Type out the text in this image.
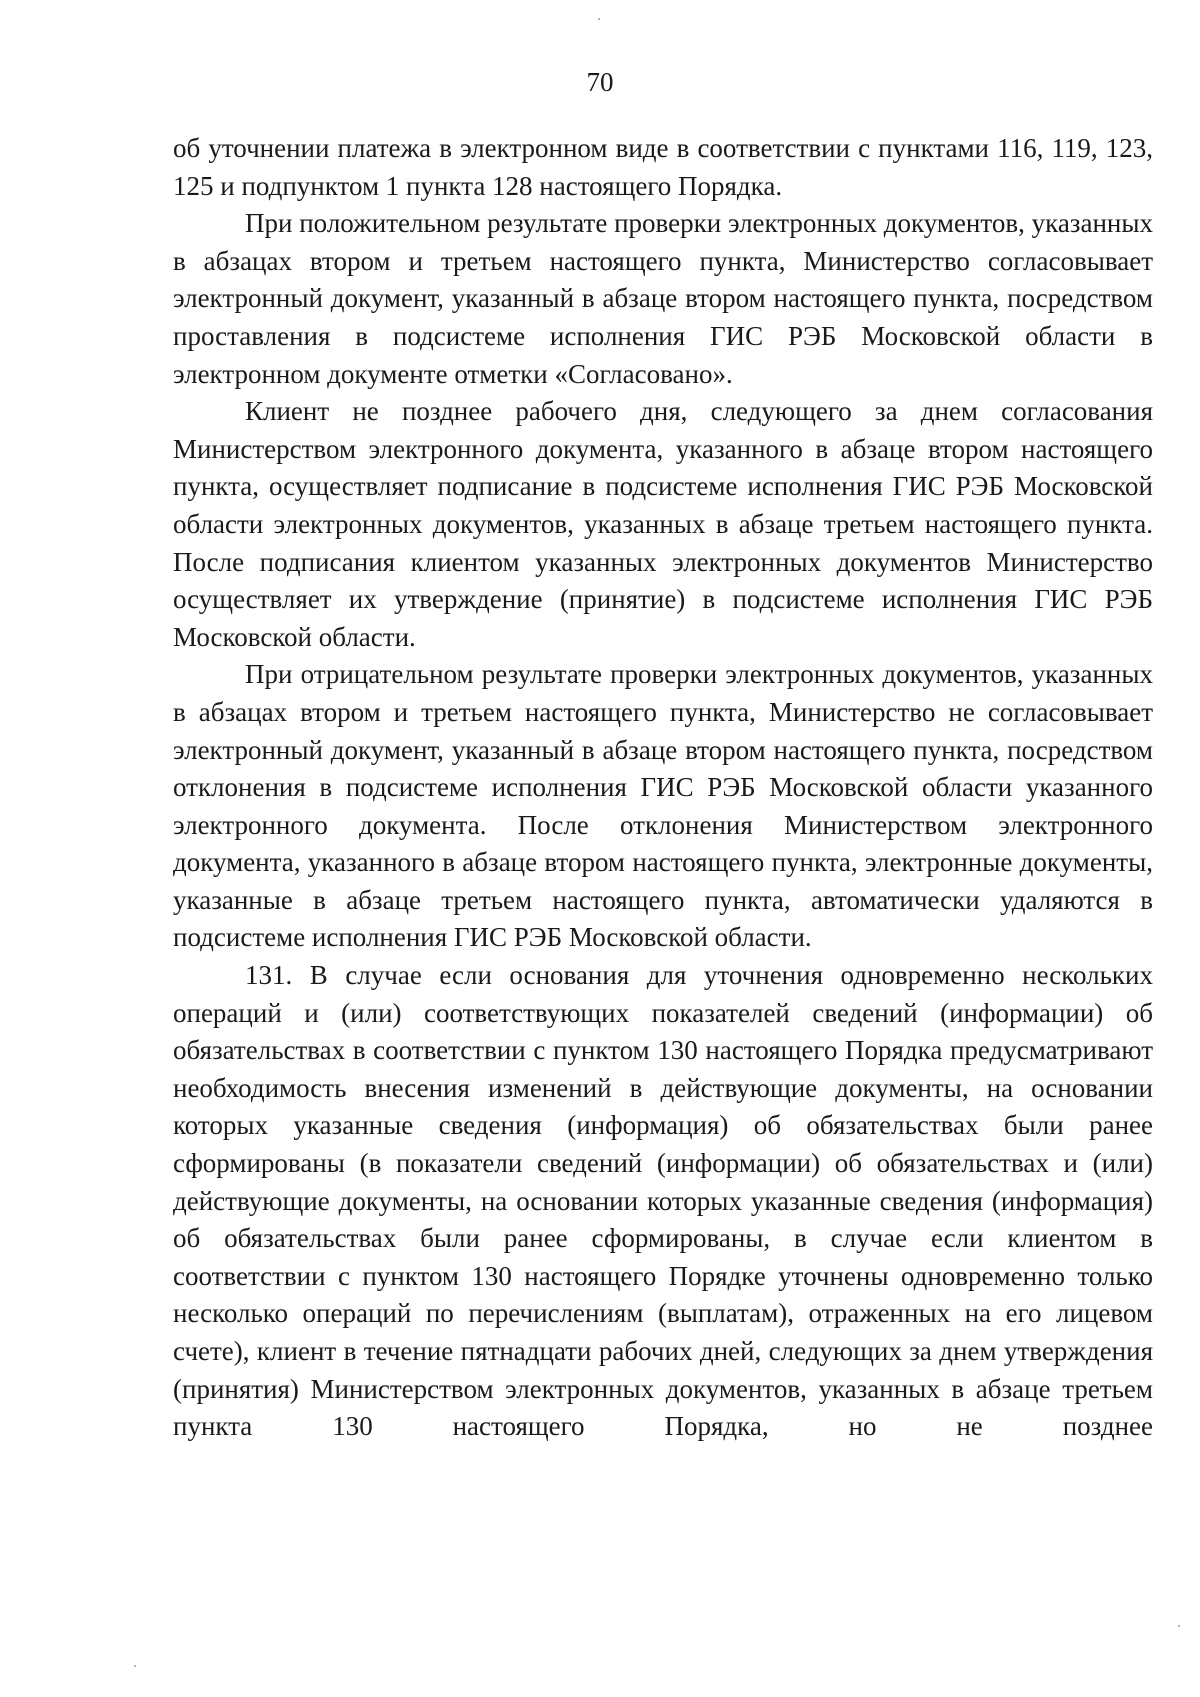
70

об уточнении платежа в электронном виде в соответствии с пунктами 116, 119, 123, 125 и подпунктом 1 пункта 128 настоящего Порядка.

При положительном результате проверки электронных документов, указанных в абзацах втором и третьем настоящего пункта, Министерство согласовывает электронный документ, указанный в абзаце втором настоящего пункта, посредством проставления в подсистеме исполнения ГИС РЭБ Московской области в электронном документе отметки «Согласовано».

Клиент не позднее рабочего дня, следующего за днем согласования Министерством электронного документа, указанного в абзаце втором настоящего пункта, осуществляет подписание в подсистеме исполнения ГИС РЭБ Московской области электронных документов, указанных в абзаце третьем настоящего пункта. После подписания клиентом указанных электронных документов Министерство осуществляет их утверждение (принятие) в подсистеме исполнения ГИС РЭБ Московской области.

При отрицательном результате проверки электронных документов, указанных в абзацах втором и третьем настоящего пункта, Министерство не согласовывает электронный документ, указанный в абзаце втором настоящего пункта, посредством отклонения в подсистеме исполнения ГИС РЭБ Московской области указанного электронного документа. После отклонения Министерством электронного документа, указанного в абзаце втором настоящего пункта, электронные документы, указанные в абзаце третьем настоящего пункта, автоматически удаляются в подсистеме исполнения ГИС РЭБ Московской области.

131. В случае если основания для уточнения одновременно нескольких операций и (или) соответствующих показателей сведений (информации) об обязательствах в соответствии с пунктом 130 настоящего Порядка предусматривают необходимость внесения изменений в действующие документы, на основании которых указанные сведения (информация) об обязательствах были ранее сформированы (в показатели сведений (информации) об обязательствах и (или) действующие документы, на основании которых указанные сведения (информация) об обязательствах были ранее сформированы, в случае если клиентом в соответствии с пунктом 130 настоящего Порядке уточнены одновременно только несколько операций по перечислениям (выплатам), отраженных на его лицевом счете), клиент в течение пятнадцати рабочих дней, следующих за днем утверждения (принятия) Министерством электронных документов, указанных в абзаце третьем пункта 130 настоящего Порядка, но не позднее
